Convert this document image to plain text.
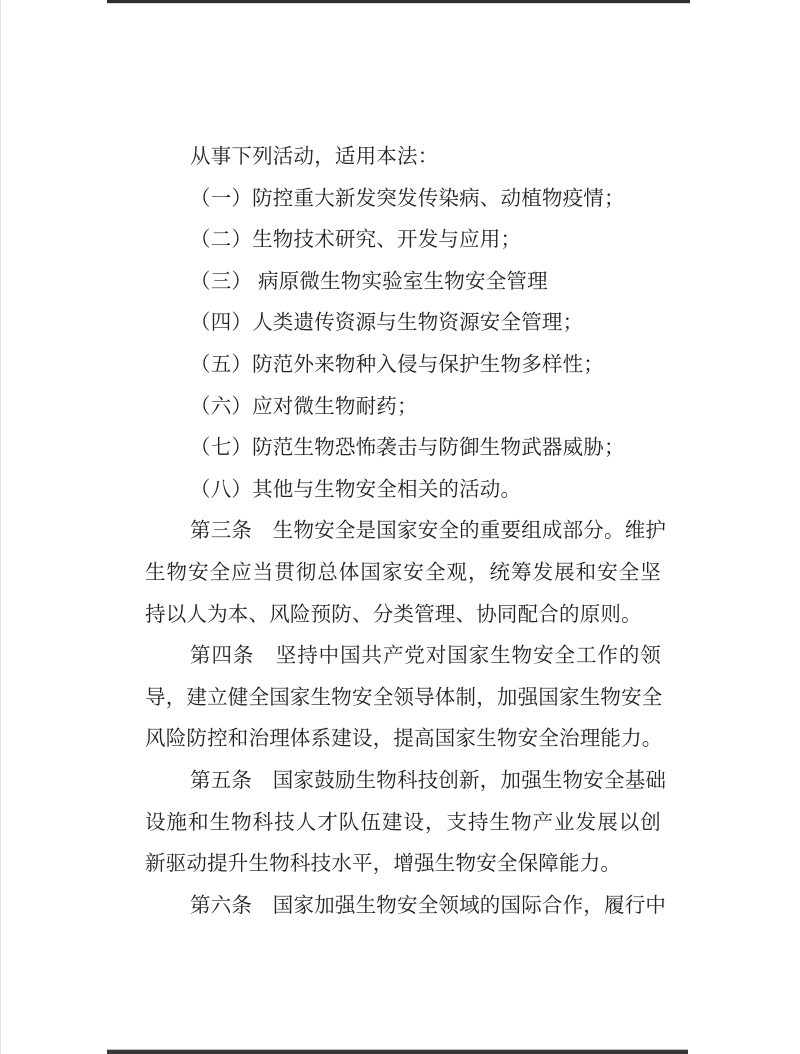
从事下列活动，适用本法：
（一）防控重大新发突发传染病、动植物疫情；
（二）生物技术研究、开发与应用；
（三） 病原微生物实验室生物安全管理
（四）人类遗传资源与生物资源安全管理；
（五）防范外来物种入侵与保护生物多样性；
（六）应对微生物耐药；
（七）防范生物恐怖袭击与防御生物武器威胁；
（八）其他与生物安全相关的活动。
第三条　生物安全是国家安全的重要组成部分。维护
生物安全应当贯彻总体国家安全观，统筹发展和安全坚
持以人为本、风险预防、分类管理、协同配合的原则。
第四条　坚持中国共产党对国家生物安全工作的领
导，建立健全国家生物安全领导体制，加强国家生物安全
风险防控和治理体系建设，提高国家生物安全治理能力。
第五条　国家鼓励生物科技创新，加强生物安全基础
设施和生物科技人才队伍建设，支持生物产业发展以创
新驱动提升生物科技水平，增强生物安全保障能力。
第六条　国家加强生物安全领域的国际合作，履行中
